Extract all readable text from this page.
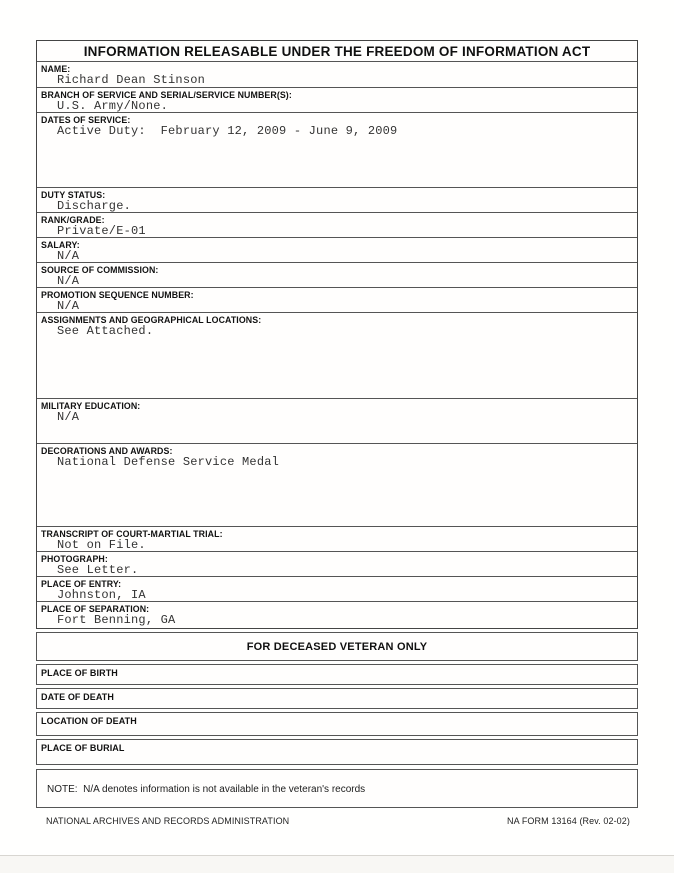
INFORMATION RELEASABLE UNDER THE FREEDOM OF INFORMATION ACT
NAME:
Richard Dean Stinson
BRANCH OF SERVICE AND SERIAL/SERVICE NUMBER(S):
U.S. Army/None.
DATES OF SERVICE:
Active Duty:  February 12, 2009 - June 9, 2009
DUTY STATUS:
Discharge.
RANK/GRADE:
Private/E-01
SALARY:
N/A
SOURCE OF COMMISSION:
N/A
PROMOTION SEQUENCE NUMBER:
N/A
ASSIGNMENTS AND GEOGRAPHICAL LOCATIONS:
See Attached.
MILITARY EDUCATION:
N/A
DECORATIONS AND AWARDS:
National Defense Service Medal
TRANSCRIPT OF COURT-MARTIAL TRIAL:
Not on File.
PHOTOGRAPH:
See Letter.
PLACE OF ENTRY:
Johnston, IA
PLACE OF SEPARATION:
Fort Benning, GA
FOR DECEASED VETERAN ONLY
PLACE OF BIRTH
DATE OF DEATH
LOCATION OF DEATH
PLACE OF BURIAL
NOTE:  N/A denotes information is not available in the veteran's records
NATIONAL ARCHIVES AND RECORDS ADMINISTRATION	NA FORM 13164 (Rev. 02-02)
